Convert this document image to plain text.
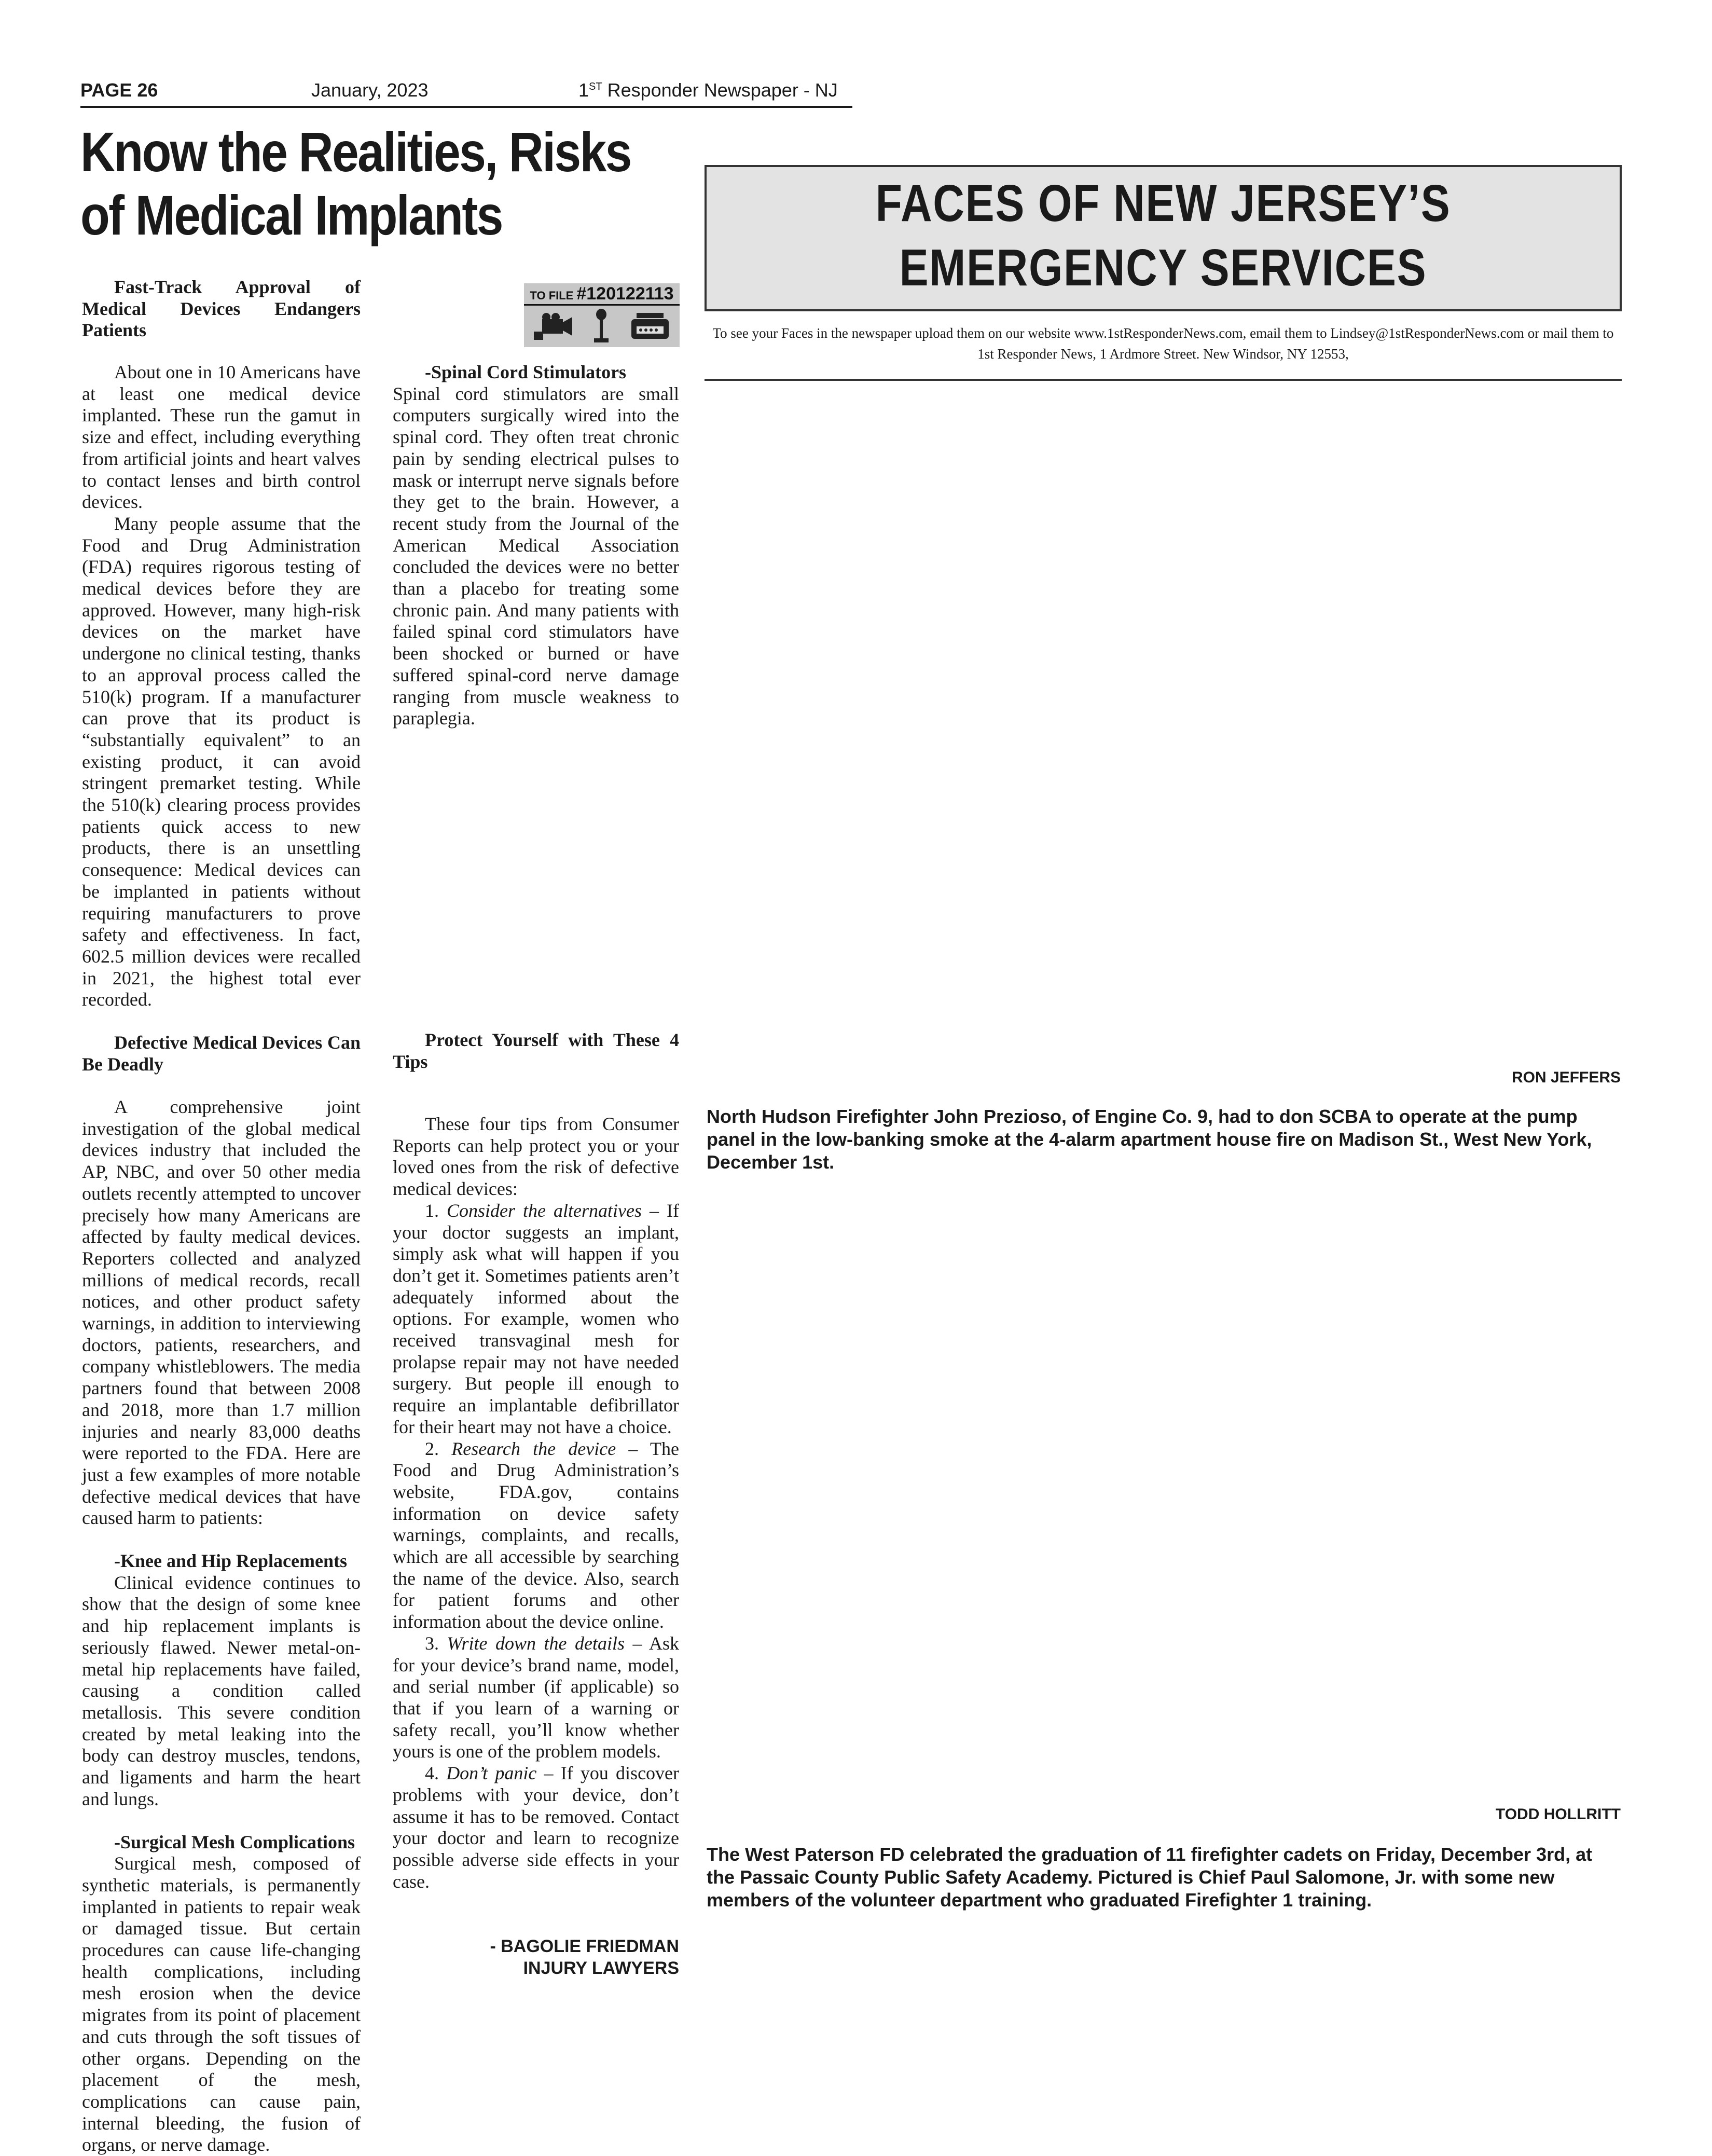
PAGE 26	January, 2023	1ST Responder Newspaper - NJ
Know the Realities, Risks
of Medical Implants
TO FILE #120122113

Fast-Track Approval of Medical Devices Endangers Patients

About one in 10 Americans have at least one medical device implanted. These run the gamut in size and effect, including everything from artificial joints and heart valves to contact lenses and birth control devices.

Many people assume that the Food and Drug Administration (FDA) requires rigorous testing of medical devices before they are approved. However, many high-risk devices on the market have undergone no clinical testing, thanks to an approval process called the 510(k) program. If a manufacturer can prove that its product is “substantially equivalent” to an existing product, it can avoid stringent premarket testing. While the 510(k) clearing process provides patients quick access to new products, there is an unsettling consequence: Medical devices can be implanted in patients without requiring manufacturers to prove safety and effectiveness. In fact, 602.5 million devices were recalled in 2021, the highest total ever recorded.

Defective Medical Devices Can Be Deadly

A comprehensive joint investigation of the global medical devices industry that included the AP, NBC, and over 50 other media outlets recently attempted to uncover precisely how many Americans are affected by faulty medical devices. Reporters collected and analyzed millions of medical records, recall notices, and other product safety warnings, in addition to interviewing doctors, patients, researchers, and company whistleblowers. The media partners found that between 2008 and 2018, more than 1.7 million injuries and nearly 83,000 deaths were reported to the FDA. Here are just a few examples of more notable defective medical devices that have caused harm to patients:

-Knee and Hip Replacements

Clinical evidence continues to show that the design of some knee and hip replacement implants is seriously flawed. Newer metal-on-metal hip replacements have failed, causing a condition called metallosis. This severe condition created by metal leaking into the body can destroy muscles, tendons, and ligaments and harm the heart and lungs.

-Surgical Mesh Complications

Surgical mesh, composed of synthetic materials, is permanently implanted in patients to repair weak or damaged tissue. But certain procedures can cause life-changing health complications, including mesh erosion when the device migrates from its point of placement and cuts through the soft tissues of other organs. Depending on the placement of the mesh, complications can cause pain, internal bleeding, the fusion of organs, or nerve damage.

-Spinal Cord Stimulators

Spinal cord stimulators are small computers surgically wired into the spinal cord. They often treat chronic pain by sending electrical pulses to mask or interrupt nerve signals before they get to the brain. However, a recent study from the Journal of the American Medical Association concluded the devices were no better than a placebo for treating some chronic pain. And many patients with failed spinal cord stimulators have been shocked or burned or have suffered spinal-cord nerve damage ranging from muscle weakness to paraplegia.

Protect Yourself with These 4 Tips

These four tips from Consumer Reports can help protect you or your loved ones from the risk of defective medical devices:

1. Consider the alternatives – If your doctor suggests an implant, simply ask what will happen if you don’t get it. Sometimes patients aren’t adequately informed about the options. For example, women who received transvaginal mesh for prolapse repair may not have needed surgery. But people ill enough to require an implantable defibrillator for their heart may not have a choice.

2. Research the device – The Food and Drug Administration’s website, FDA.gov, contains information on device safety warnings, complaints, and recalls, which are all accessible by searching the name of the device. Also, search for patient forums and other information about the device online.

3. Write down the details – Ask for your device’s brand name, model, and serial number (if applicable) so that if you learn of a warning or safety recall, you’ll know whether yours is one of the problem models.

4. Don’t panic – If you discover problems with your device, don’t assume it has to be removed. Contact your doctor and learn to recognize possible adverse side effects in your case.

- BAGOLIE FRIEDMAN
INJURY LAWYERS
FACES OF NEW JERSEY’S
EMERGENCY SERVICES
To see your Faces in the newspaper upload them on our website www.1stResponderNews.com, email them to Lindsey@1stResponderNews.com or mail them to 1st Responder News, 1 Ardmore Street. New Windsor, NY 12553,
RON JEFFERS
North Hudson Firefighter John Prezioso, of Engine Co. 9, had to don SCBA to operate at the pump panel in the low-banking smoke at the 4-alarm apartment house fire on Madison St., West New York, December 1st.
TODD HOLLRITT
The West Paterson FD celebrated the graduation of 11 firefighter cadets on Friday, December 3rd, at the Passaic County Public Safety Academy. Pictured is Chief Paul Salomone, Jr. with some new members of the volunteer department who graduated Firefighter 1 training.
